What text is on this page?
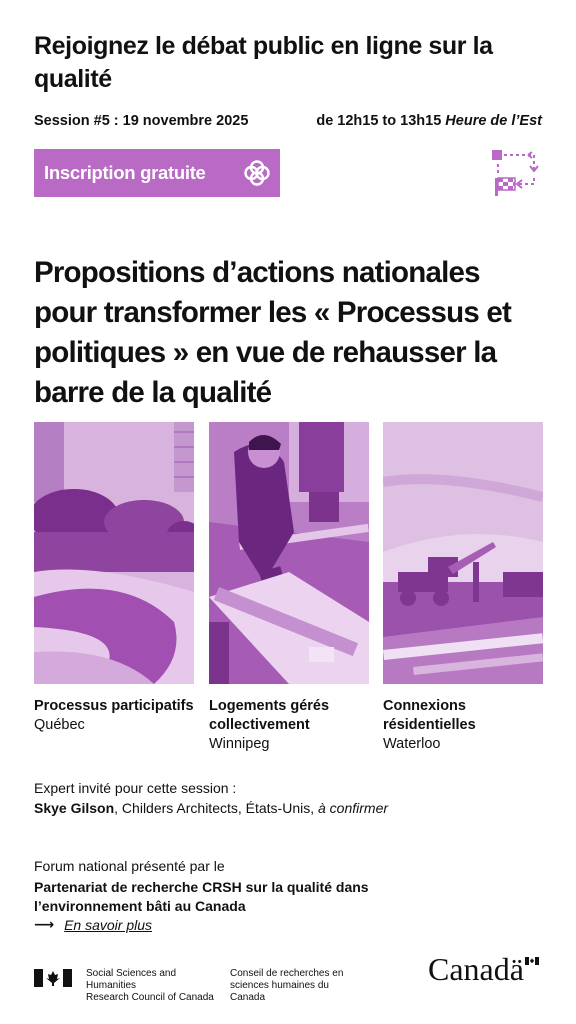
Rejoignez le débat public en ligne sur la qualité
Session #5 : 19 novembre 2025	de 12h15 to 13h15 Heure de l’Est
Inscription gratuite
Propositions d’actions nationales pour transformer les « Processus et politiques » en vue de rehausser la barre de la qualité
Processus participatifs
Québec
Logements gérés collectivement
Winnipeg
Connexions résidentielles
Waterloo
Expert invité pour cette session :
Skye Gilson, Childers Architects, États-Unis, à confirmer
Forum national présenté par le
Partenariat de recherche CRSH sur la qualité dans l’environnement bâti au Canada
⟶ En savoir plus
Social Sciences and Humanities
Research Council of Canada
Conseil de recherches en
sciences humaines du Canada
Canadä
